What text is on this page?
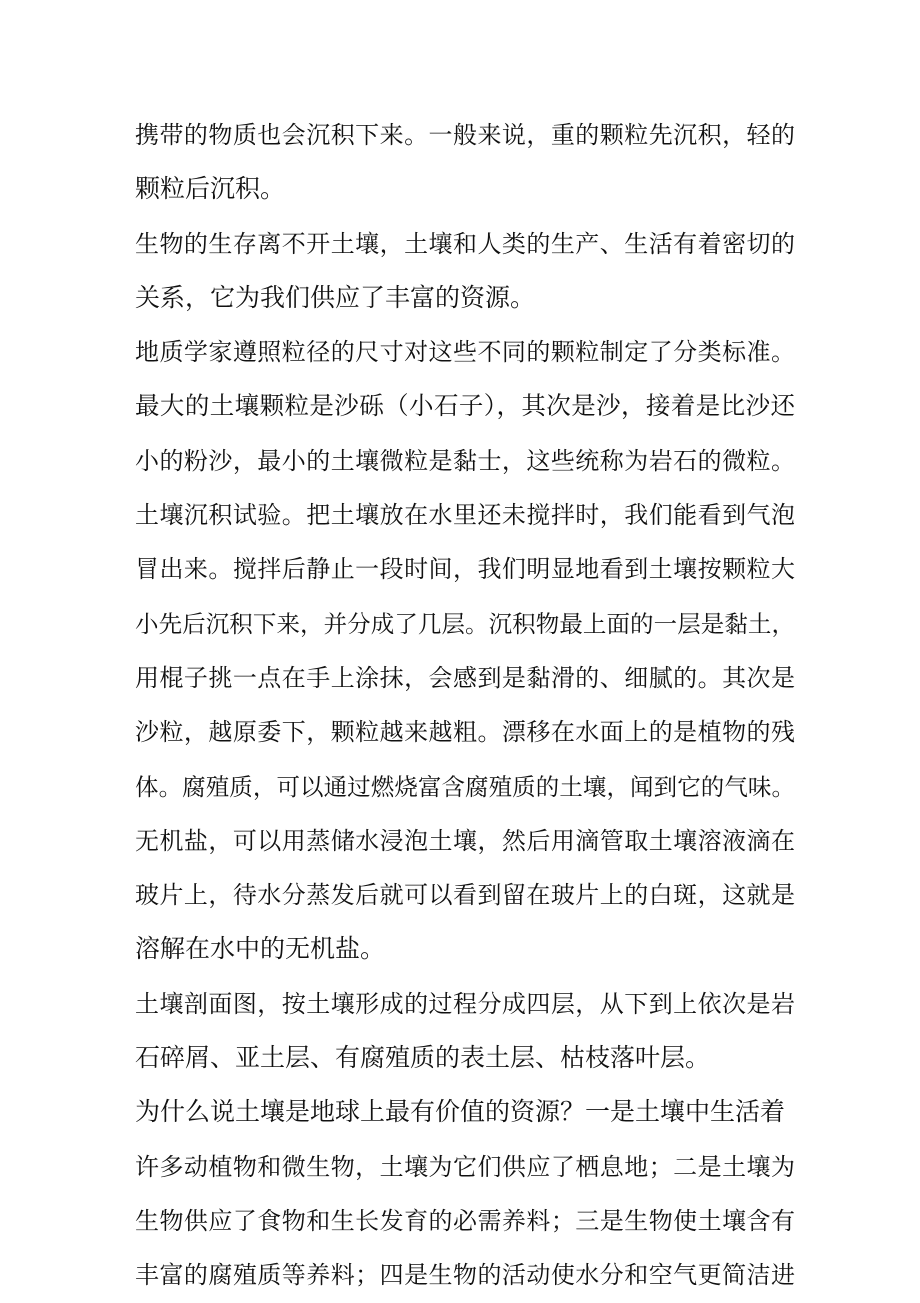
携带的物质也会沉积下来。一般来说，重的颗粒先沉积，轻的
颗粒后沉积。
生物的生存离不开土壤，土壤和人类的生产、生活有着密切的
关系，它为我们供应了丰富的资源。
地质学家遵照粒径的尺寸对这些不同的颗粒制定了分类标准。
最大的土壤颗粒是沙砾（小石子），其次是沙，接着是比沙还
小的粉沙，最小的土壤微粒是黏士，这些统称为岩石的微粒。
土壤沉积试验。把土壤放在水里还未搅拌时，我们能看到气泡
冒出来。搅拌后静止一段时间，我们明显地看到土壤按颗粒大
小先后沉积下来，并分成了几层。沉积物最上面的一层是黏土，
用棍子挑一点在手上涂抹，会感到是黏滑的、细腻的。其次是
沙粒，越原委下，颗粒越来越粗。漂移在水面上的是植物的残
体。腐殖质，可以通过燃烧富含腐殖质的土壤，闻到它的气味。
无机盐，可以用蒸储水浸泡土壤，然后用滴管取土壤溶液滴在
玻片上，待水分蒸发后就可以看到留在玻片上的白斑，这就是
溶解在水中的无机盐。
土壤剖面图，按土壤形成的过程分成四层，从下到上依次是岩
石碎屑、亚土层、有腐殖质的表土层、枯枝落叶层。
为什么说土壤是地球上最有价值的资源？一是土壤中生活着
许多动植物和微生物，土壤为它们供应了栖息地；二是土壤为
生物供应了食物和生长发育的必需养料；三是生物使土壤含有
丰富的腐殖质等养料；四是生物的活动使水分和空气更简洁进
